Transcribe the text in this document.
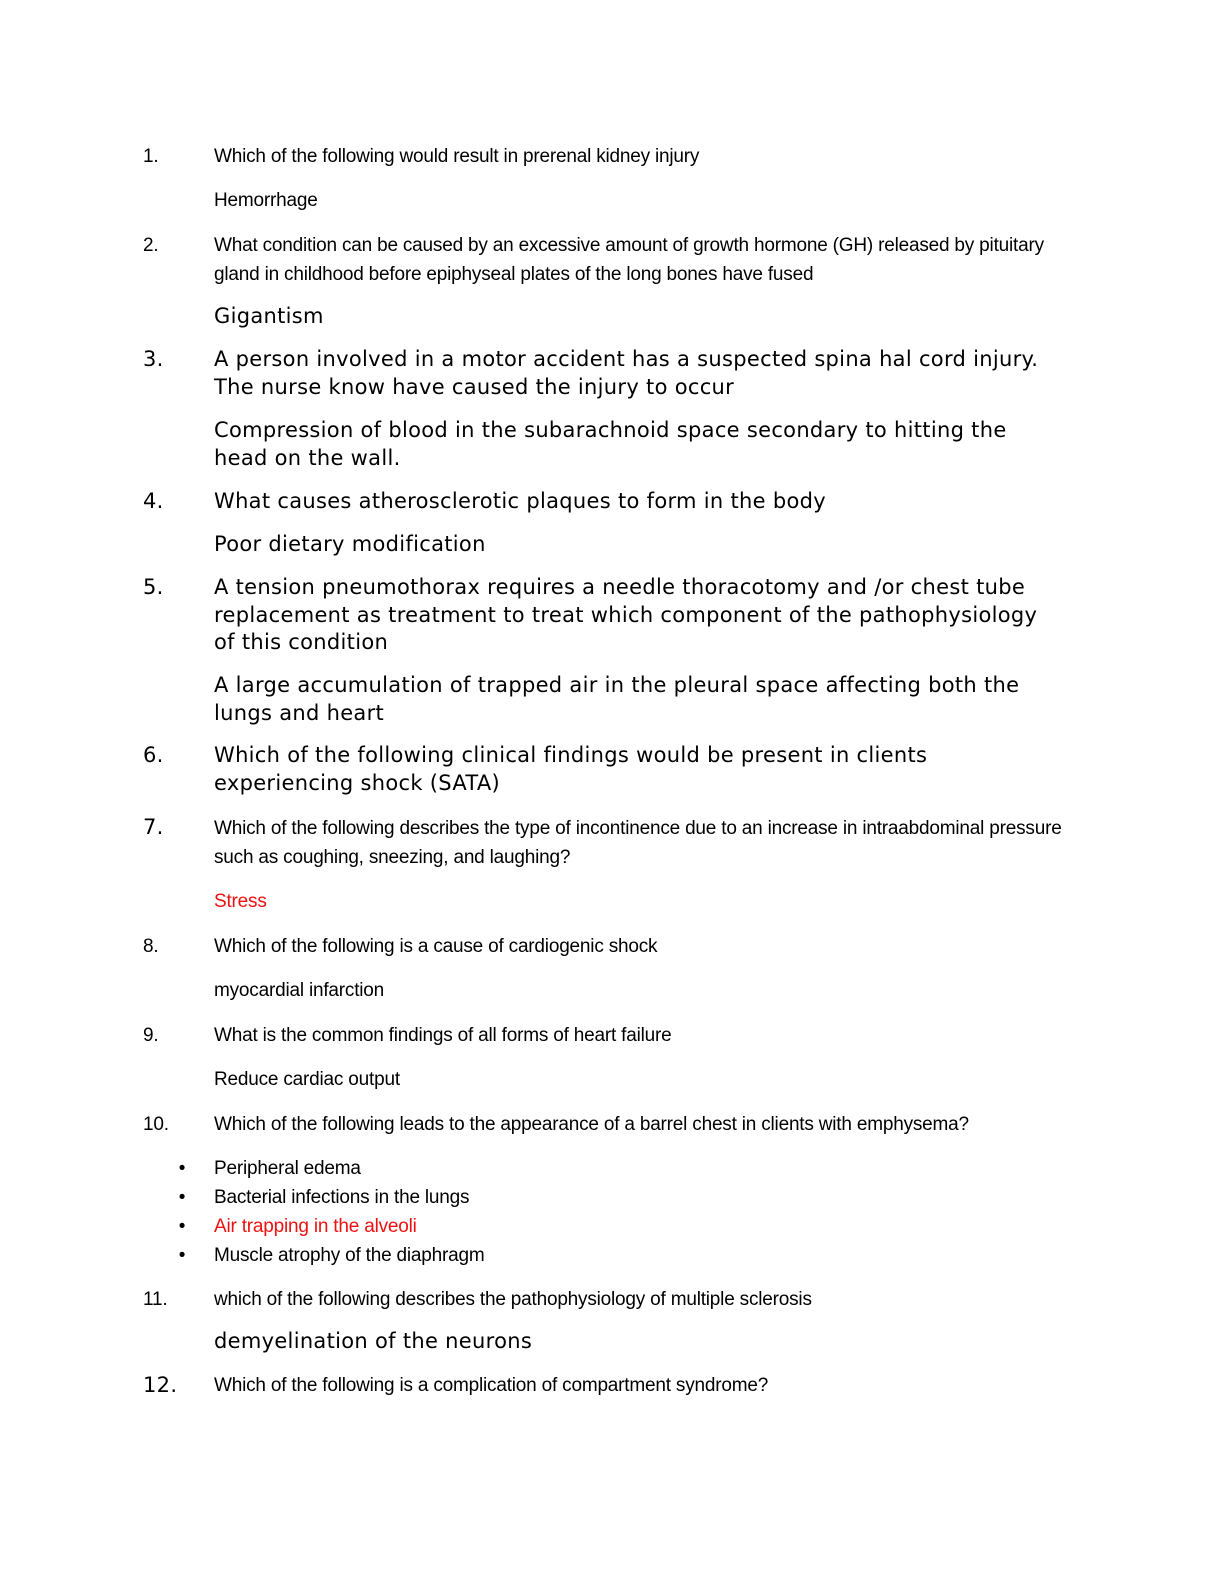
1.	Which of the following would result in prerenal kidney injury
Hemorrhage
2.	What condition can be caused by an excessive amount of growth hormone (GH) released by pituitary gland in childhood before epiphyseal plates of the long bones have fused
Gigantism
3. A person involved in a motor accident has a suspected spina hal cord injury. The nurse know have caused the injury to occur
Compression of blood in the subarachnoid space secondary to hitting the head on the wall.
4. What causes atherosclerotic plaques to form in the body
Poor dietary modification
5. A tension pneumothorax requires a needle thoracotomy and /or chest tube replacement as treatment to treat which component of the pathophysiology of this condition
A large accumulation of trapped air in the pleural space affecting both the lungs and heart
6. Which of the following clinical findings would be present in clients experiencing shock (SATA)
7.	Which of the following describes the type of incontinence due to an increase in intraabdominal pressure such as coughing, sneezing, and laughing?
Stress
8.	Which of the following is a cause of cardiogenic shock
myocardial infarction
9.	What is the common findings of all forms of heart failure
Reduce cardiac output
10. Which of the following leads to the appearance of a barrel chest in clients with emphysema?
• Peripheral edema
• Bacterial infections in the lungs
• Air trapping in the alveoli
• Muscle atrophy of the diaphragm
11. which of the following describes the pathophysiology of multiple sclerosis
demyelination of the neurons
12. Which of the following is a complication of compartment syndrome?
